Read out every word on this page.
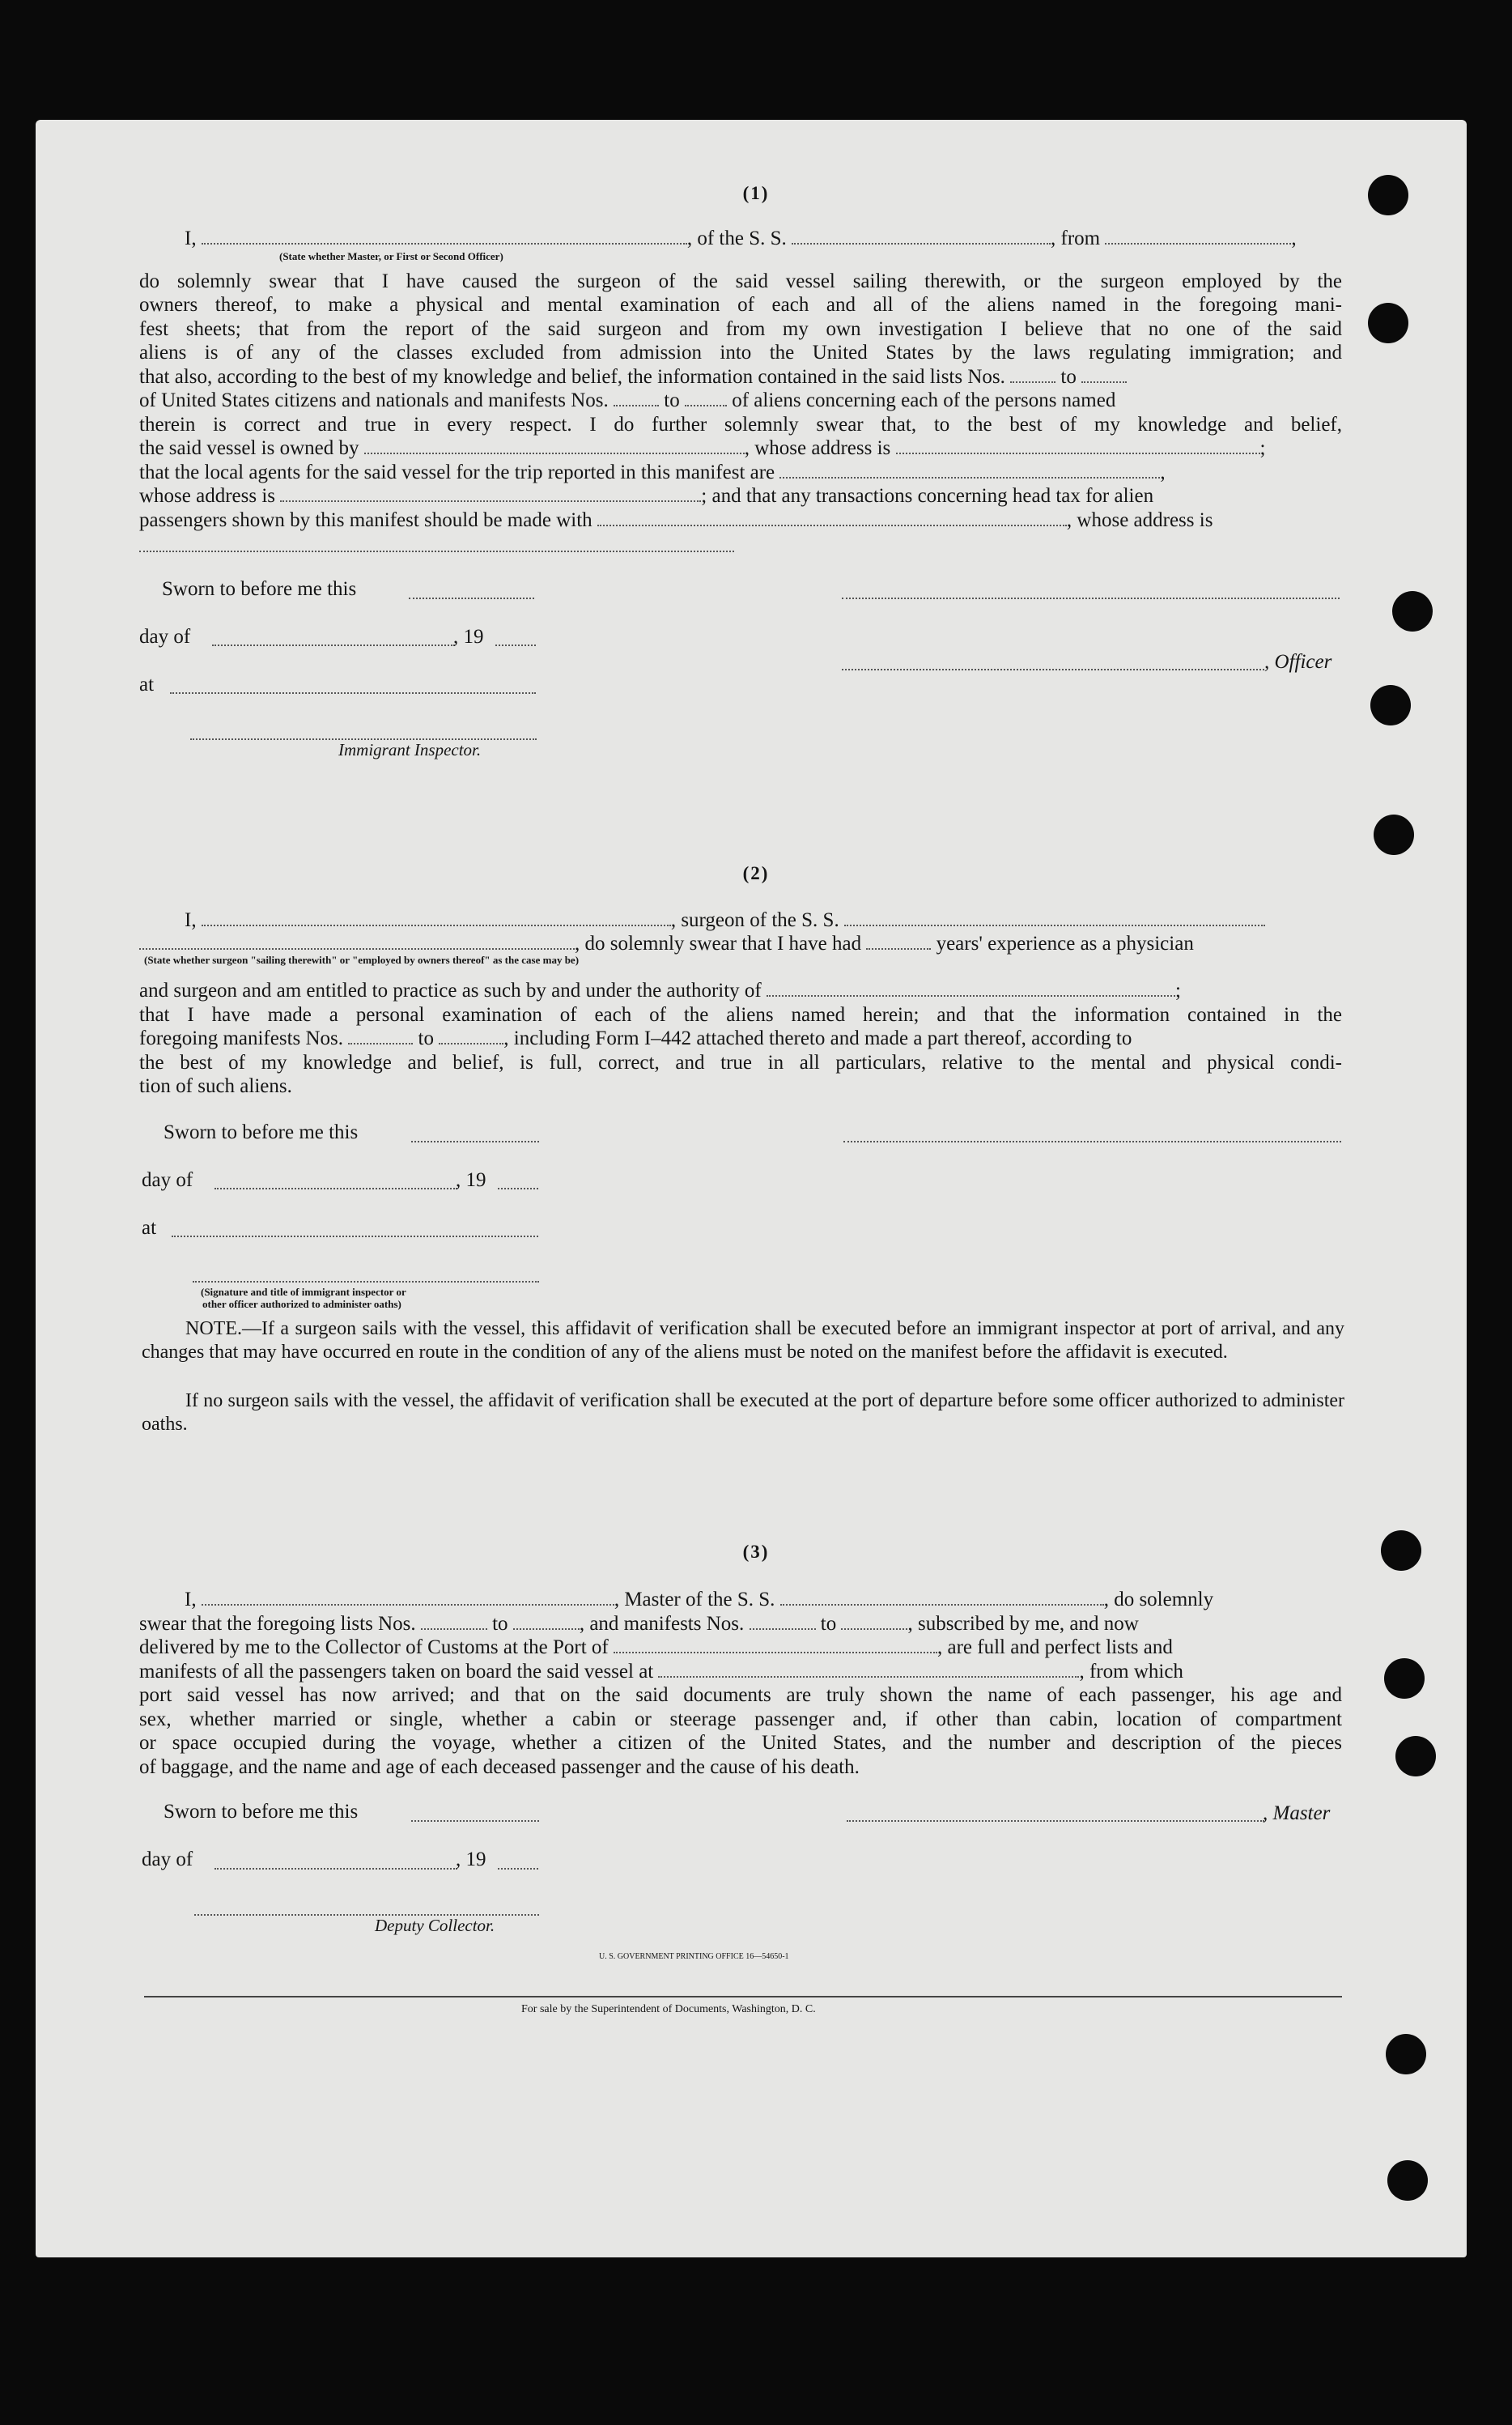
(1)
I,	, of the S. S.	, from	,
(State whether Master, or First or Second Officer)
do solemnly swear that I have caused the surgeon of the said vessel sailing therewith, or the surgeon employed by the
owners thereof, to make a physical and mental examination of each and all of the aliens named in the foregoing mani-
fest sheets; that from the report of the said surgeon and from my own investigation I believe that no one of the said
aliens is of any of the classes excluded from admission into the United States by the laws regulating immigration; and
that also, according to the best of my knowledge and belief, the information contained in the said lists Nos.	to
of United States citizens and nationals and manifests Nos.	to	of aliens concerning each of the persons named
therein is correct and true in every respect. I do further solemnly swear that, to the best of my knowledge and belief,
the said vessel is owned by	, whose address is	;
that the local agents for the said vessel for the trip reported in this manifest are	,
whose address is	; and that any transactions concerning head tax for alien
passengers shown by this manifest should be made with	, whose address is
Sworn to before me this
day of	, 19
at
, Officer
Immigrant Inspector.
(2)
I,	, surgeon of the S. S.
, do solemnly swear that I have had	years' experience as a physician
(State whether surgeon "sailing therewith" or "employed by owners thereof" as the case may be)
and surgeon and am entitled to practice as such by and under the authority of	;
that I have made a personal examination of each of the aliens named herein; and that the information contained in the
foregoing manifests Nos.	to	, including Form I–442 attached thereto and made a part thereof, according to
the best of my knowledge and belief, is full, correct, and true in all particulars, relative to the mental and physical condi-
tion of such aliens.
Sworn to before me this
day of	, 19
at
(Signature and title of immigrant inspector or
other officer authorized to administer oaths)
NOTE.—If a surgeon sails with the vessel, this affidavit of verification shall be executed before an immigrant inspector at port of arrival, and any changes that may have occurred en route in the condition of any of the aliens must be noted on the manifest before the affidavit is executed.
If no surgeon sails with the vessel, the affidavit of verification shall be executed at the port of departure before some officer authorized to administer oaths.
(3)
I,	, Master of the S. S.	, do solemnly
swear that the foregoing lists Nos.	to	, and manifests Nos.	to	, subscribed by me, and now
delivered by me to the Collector of Customs at the Port of	, are full and perfect lists and
manifests of all the passengers taken on board the said vessel at	, from which
port said vessel has now arrived; and that on the said documents are truly shown the name of each passenger, his age and
sex, whether married or single, whether a cabin or steerage passenger and, if other than cabin, location of compartment
or space occupied during the voyage, whether a citizen of the United States, and the number and description of the pieces
of baggage, and the name and age of each deceased passenger and the cause of his death.
Sworn to before me this	, Master
day of	, 19
Deputy Collector.
U. S. GOVERNMENT PRINTING OFFICE 16—54650-1
For sale by the Superintendent of Documents, Washington, D. C.
